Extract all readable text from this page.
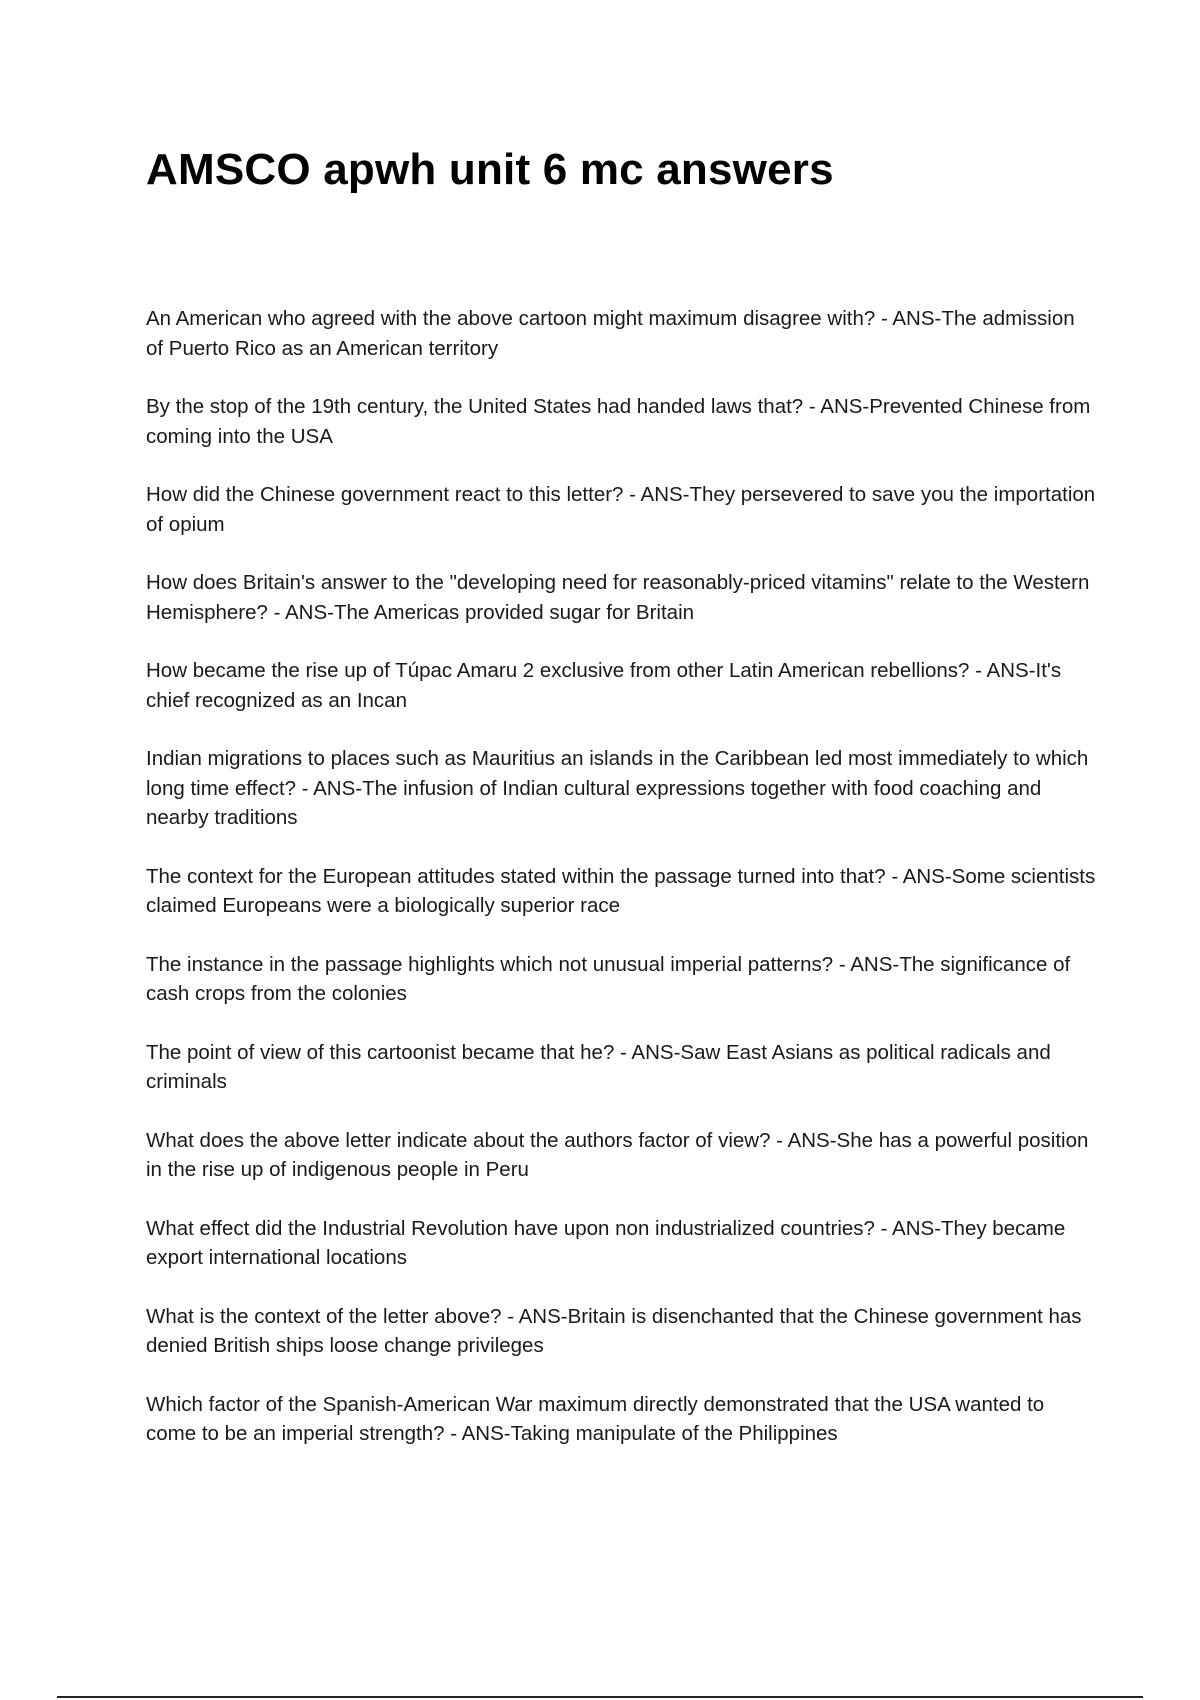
AMSCO apwh unit 6 mc answers
An American who agreed with the above cartoon might maximum disagree with? - ANS-The admission of Puerto Rico as an American territory
By the stop of the 19th century, the United States had handed laws that? - ANS-Prevented Chinese from coming into the USA
How did the Chinese government react to this letter? - ANS-They persevered to save you the importation of opium
How does Britain's answer to the "developing need for reasonably-priced vitamins" relate to the Western Hemisphere? - ANS-The Americas provided sugar for Britain
How became the rise up of Túpac Amaru 2 exclusive from other Latin American rebellions? - ANS-It's chief recognized as an Incan
Indian migrations to places such as Mauritius an islands in the Caribbean led most immediately to which long time effect? - ANS-The infusion of Indian cultural expressions together with food coaching and nearby traditions
The context for the European attitudes stated within the passage turned into that? - ANS-Some scientists claimed Europeans were a biologically superior race
The instance in the passage highlights which not unusual imperial patterns? - ANS-The significance of cash crops from the colonies
The point of view of this cartoonist became that he? - ANS-Saw East Asians as political radicals and criminals
What does the above letter indicate about the authors factor of view? - ANS-She has a powerful position in the rise up of indigenous people in Peru
What effect did the Industrial Revolution have upon non industrialized countries? - ANS-They became export international locations
What is the context of the letter above? - ANS-Britain is disenchanted that the Chinese government has denied British ships loose change privileges
Which factor of the Spanish-American War maximum directly demonstrated that the USA wanted to come to be an imperial strength? - ANS-Taking manipulate of the Philippines
